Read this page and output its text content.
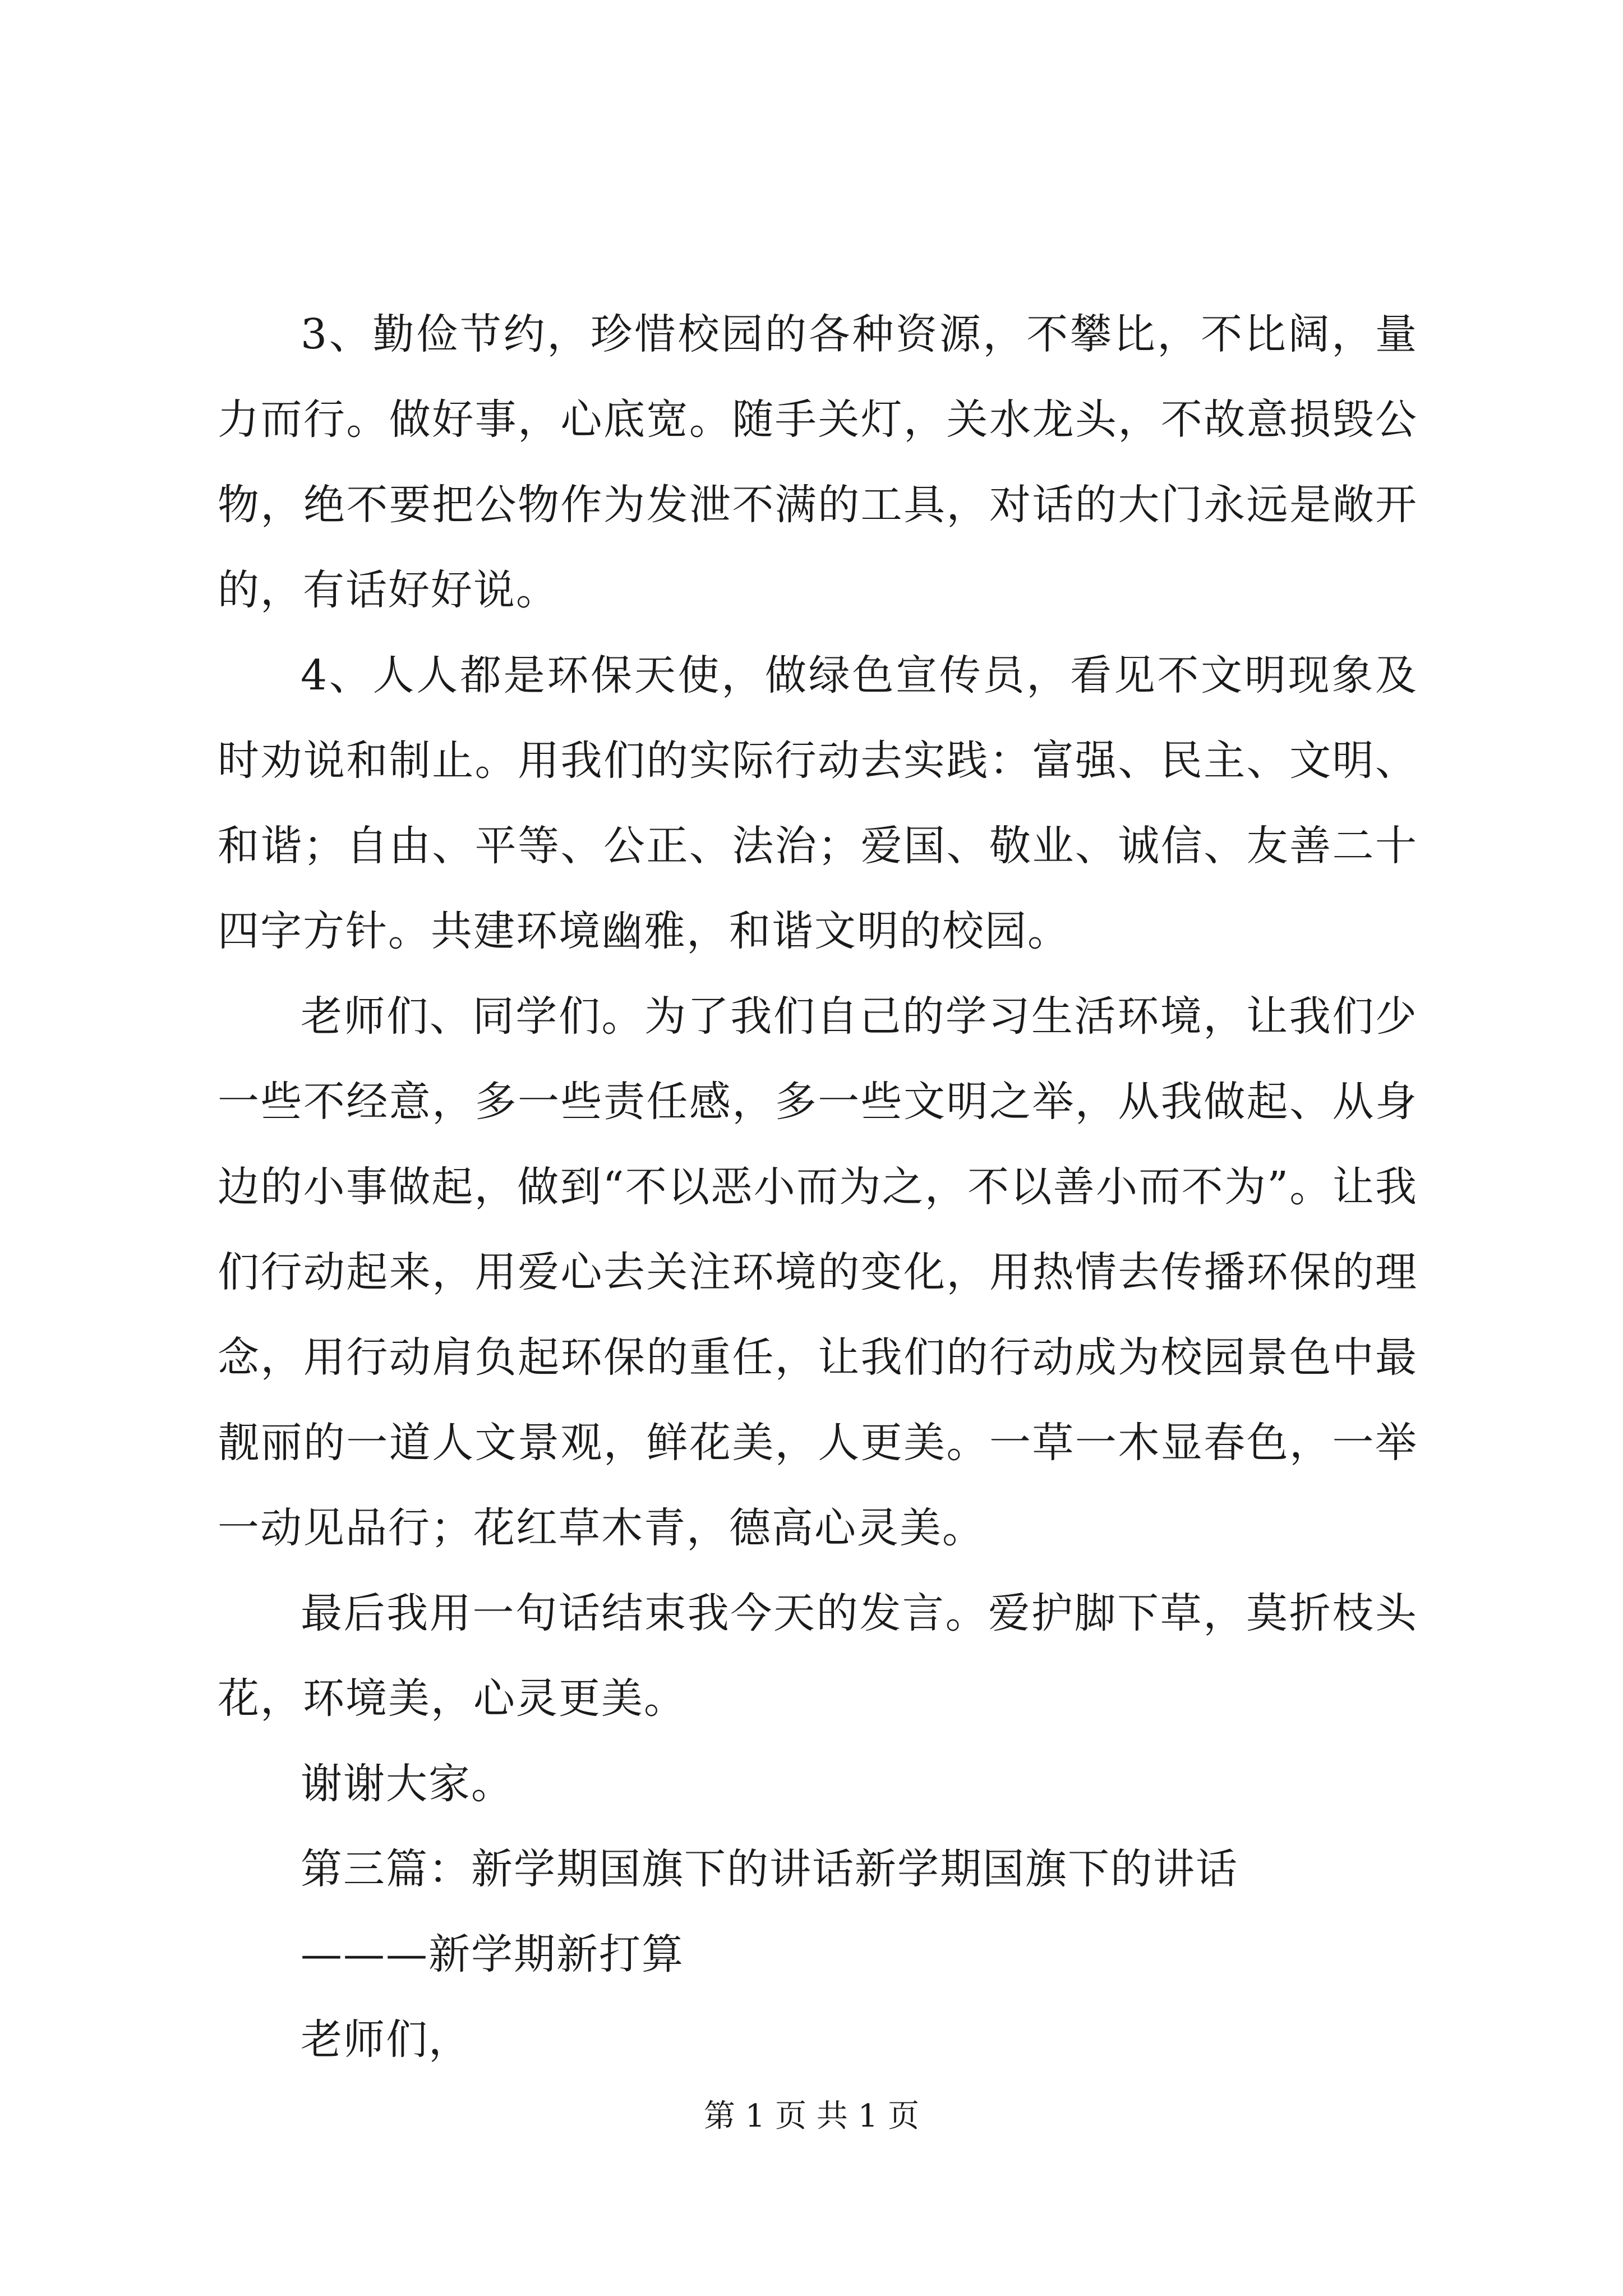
3、勤俭节约，珍惜校园的各种资源，不攀比，不比阔，量力而行。做好事，心底宽。随手关灯，关水龙头，不故意损毁公物，绝不要把公物作为发泄不满的工具，对话的大门永远是敞开的，有话好好说。

4、人人都是环保天使，做绿色宣传员，看见不文明现象及时劝说和制止。用我们的实际行动去实践：富强、民主、文明、和谐；自由、平等、公正、法治；爱国、敬业、诚信、友善二十四字方针。共建环境幽雅，和谐文明的校园。

老师们、同学们。为了我们自己的学习生活环境，让我们少一些不经意，多一些责任感，多一些文明之举，从我做起、从身边的小事做起，做到“不以恶小而为之，不以善小而不为”。让我们行动起来，用爱心去关注环境的变化，用热情去传播环保的理念，用行动肩负起环保的重任，让我们的行动成为校园景色中最靓丽的一道人文景观，鲜花美，人更美。一草一木显春色，一举一动见品行；花红草木青，德高心灵美。

最后我用一句话结束我今天的发言。爱护脚下草，莫折枝头花，环境美，心灵更美。

谢谢大家。

第三篇：新学期国旗下的讲话新学期国旗下的讲话

———新学期新打算

老师们，

第 1 页 共 1 页
